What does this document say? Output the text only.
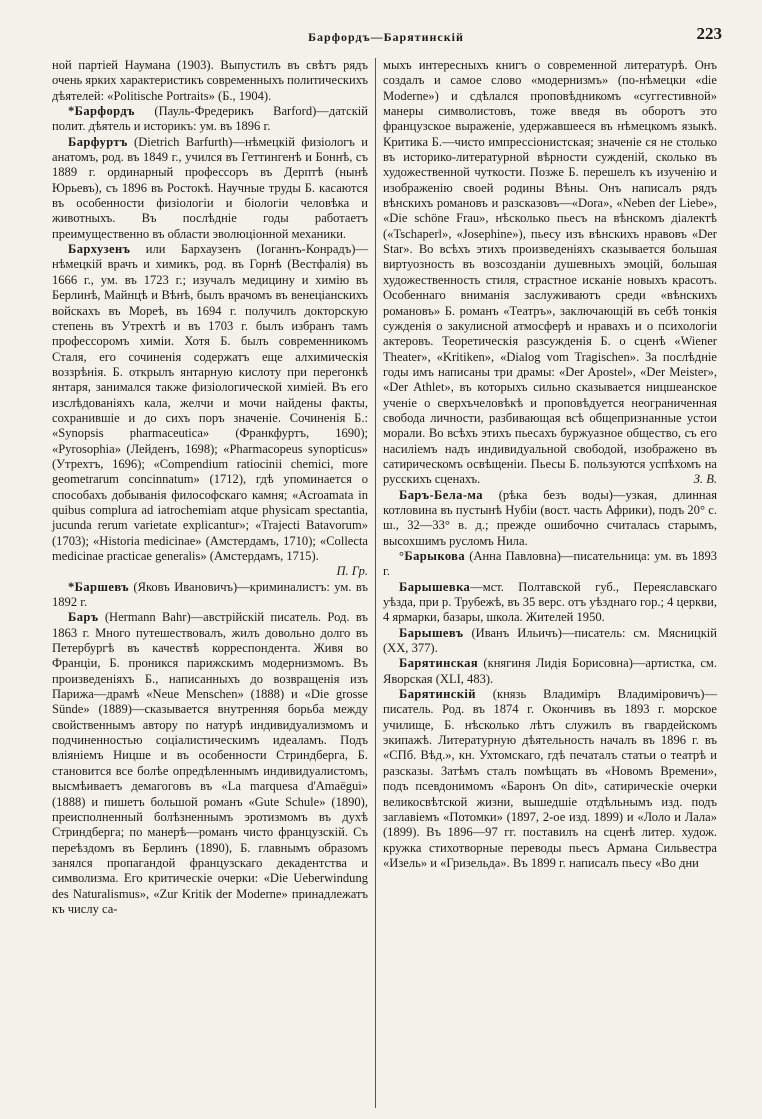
Барфордъ—Барятинскій	223

ной партіей Наумана (1903). Выпустилъ въ свѣтъ рядъ очень ярких характеристикъ современныхъ политическихъ дѣятелей: «Politische Portraits» (Б., 1904).

*Барфордъ (Пауль-Фредерикъ Barford)—датскій полит. дѣятель и историкъ: ум. въ 1896 г.

Барфуртъ (Dietrich Barfurth)—нѣмецкій физіологъ и анатомъ, род. въ 1849 г., учился въ Геттингенѣ и Боннѣ, съ 1889 г. ординарный профессоръ въ Дерптѣ (нынѣ Юрьевъ), съ 1896 въ Ростокѣ. Научные труды Б. касаются въ особенности физіологіи и біологіи человѣка и животныхъ. Въ послѣдніе годы работаетъ преимущественно въ области эволюціонной механики.

Бархузенъ или Бархаузенъ (Іоганнъ-Конрадъ)—нѣмецкій врачъ и химикъ, род. въ Горнѣ (Вестфалія) въ 1666 г., ум. въ 1723 г.; изучалъ медицину и химію въ Берлинѣ, Майнцѣ и Вѣнѣ, былъ врачомъ въ венеціанскихъ войскахъ въ Морeѣ, въ 1694 г. получилъ докторскую степень въ Утрехтѣ и въ 1703 г. былъ избранъ тамъ профессоромъ химіи. Хотя Б. былъ современникомъ Сталя, его сочиненія содержатъ еще алхимическія воззрѣнія. Б. открылъ янтарную кислоту при перегонкѣ янтаря, занимался также физіологической химіей. Въ его изслѣдованіяхъ кала, желчи и мочи найдены факты, сохранившіе и до сихъ поръ значеніе. Сочиненія Б.: «Synopsis pharmaceutica» (Франкфуртъ, 1690); «Pyrosophia» (Лейденъ, 1698); «Pharmacopeus synopticus» (Утрехтъ, 1696); «Compendium ratiocinii chemici, more geometrarum concinnatum» (1712), гдѣ упоминается о способахъ добыванія философскаго камня; «Acroamata in quibus complura ad iatrochemiam atque physicam spectantia, jucunda rerum varietate explicantur»; «Trajecti Batavorum» (1703); «Historia medicinae» (Амстердамъ, 1710); «Collecta medicinae practicae generalis» (Амстердамъ, 1715).
П. Гр.

*Баршевъ (Яковъ Ивановичъ)—криминалистъ: ум. въ 1892 г.

Баръ (Hermann Bahr)—австрійскій писатель. Род. въ 1863 г. Много путешествовалъ, жилъ довольно долго въ Петербургѣ въ качествѣ корреспондента. Живя во Франціи, Б. проникся парижскимъ модернизмомъ. Въ произведеніяхъ Б., написанныхъ до возвращенія изъ Парижа—драмѣ «Neue Menschen» (1888) и «Die grosse Sünde» (1889)—сказывается внутренняя борьба между свойственнымъ автору по натурѣ индивидуализмомъ и подчиненностью соціалистическимъ идеаламъ. Подъ вліяніемъ Ницше и въ особенности Стриндберга, Б. становится все болѣе опредѣленнымъ индивидуалистомъ, высмѣиваетъ демагоговъ въ «La marquesa d'Amaëgui» (1888) и пишетъ большой романъ «Gute Schule» (1890), преисполненный болѣзненнымъ эротизмомъ въ духѣ Стриндберга; по манерѣ—романъ чисто французскій. Съ переѣздомъ въ Берлинъ (1890), Б. главнымъ образомъ занялся пропагандой французскаго декадентства и символизма. Его критическіе очерки: «Die Ueberwindung des Naturalismus», «Zur Kritik der Moderne» принадлежатъ къ числу са-

мыхъ интересныхъ книгъ о современной литературѣ. Онъ создалъ и самое слово «модернизмъ» (по-нѣмецки «die Moderne») и сдѣлался проповѣдникомъ «суггестивной» манеры символистовъ, тоже введя въ оборотъ это французское выраженіе, удержавшееся въ нѣмецкомъ языкѣ. Критика Б.—чисто импрессіонистская; значеніе ся не столько въ историко-литературной вѣрности сужденій, сколько въ художественной чуткости. Позже Б. перешелъ къ изученію и изображенію своей родины Вѣны. Онъ написалъ рядъ вѣнскихъ романовъ и разсказовъ—«Dora», «Neben der Liebe», «Die schöne Frau», нѣсколько пьесъ на вѣнскомъ діалектѣ («Tschaperl», «Josephine»), пьесу изъ вѣнскихъ нравовъ «Der Star». Во всѣхъ этихъ произведеніяхъ сказывается большая виртуозность въ возсозданіи душевныхъ эмоцій, большая художественность стиля, страстное исканіе новыхъ красотъ. Особеннаго вниманія заслуживаютъ среди «вѣнскихъ романовъ» Б. романъ «Театръ», заключающій въ себѣ тонкія сужденія о закулисной атмосферѣ и нравахъ и о психологіи актеровъ. Теоретическія разсужденія Б. о сценѣ «Wiener Theater», «Kritiken», «Dialog vom Tragischen». За послѣдніе годы имъ написаны три драмы: «Der Apostel», «Der Meister», «Der Athlet», въ которыхъ сильно сказывается ницшеанское ученіе о сверхъчеловѣкѣ и проповѣдуется неограниченная свобода личности, разбивающая всѣ общепризнанные устои морали. Во всѣхъ этихъ пьесахъ буржуазное общество, съ его насиліемъ надъ индивидуальной свободой, изображено въ сатирическомъ освѣщеніи. Пьесы Б. пользуются успѣхомъ на русскихъ сценахъ.	З. В.

Баръ-Бела-ма (рѣка безъ воды)—узкая, длинная котловина въ пустынѣ Нубіи (вост. часть Африки), подъ 20° с. ш., 32—33° в. д.; прежде ошибочно считалась старымъ, высохшимъ русломъ Нила.

°Барыкова (Анна Павловна)—писательница: ум. въ 1893 г.

Барышевка—мст. Полтавской губ., Переяславскаго уѣзда, при р. Трубежѣ, въ 35 верс. отъ уѣзднаго гор.; 4 церкви, 4 ярмарки, базары, школа. Жителей 1950.

Барышевъ (Иванъ Ильичъ)—писатель: см. Мясницкій (XX, 377).

Барятинская (княгиня Лидія Борисовна)—артистка, см. Яворская (XLI, 483).

Барятинскій (князь Владиміръ Владиміровичъ)—писатель. Род. въ 1874 г. Окончивъ въ 1893 г. морское училище, Б. нѣсколько лѣтъ служилъ въ гвардейскомъ экипажѣ. Литературную дѣятельность началъ въ 1896 г. въ «СПб. Вѣд.», кн. Ухтомскаго, гдѣ печаталъ статьи о театрѣ и разсказы. Затѣмъ сталъ помѣщать въ «Новомъ Времени», подъ псевдонимомъ «Баронъ On dit», сатирическіе очерки великосвѣтской жизни, вышедшіе отдѣльнымъ изд. подъ заглавіемъ «Потомки» (1897, 2-ое изд. 1899) и «Лоло и Лала» (1899). Въ 1896—97 гг. поставилъ на сценѣ литер. худож. кружка стихотворные переводы пьесъ Армана Сильвестра «Изель» и «Гризельда». Въ 1899 г. написалъ пьесу «Во дни
